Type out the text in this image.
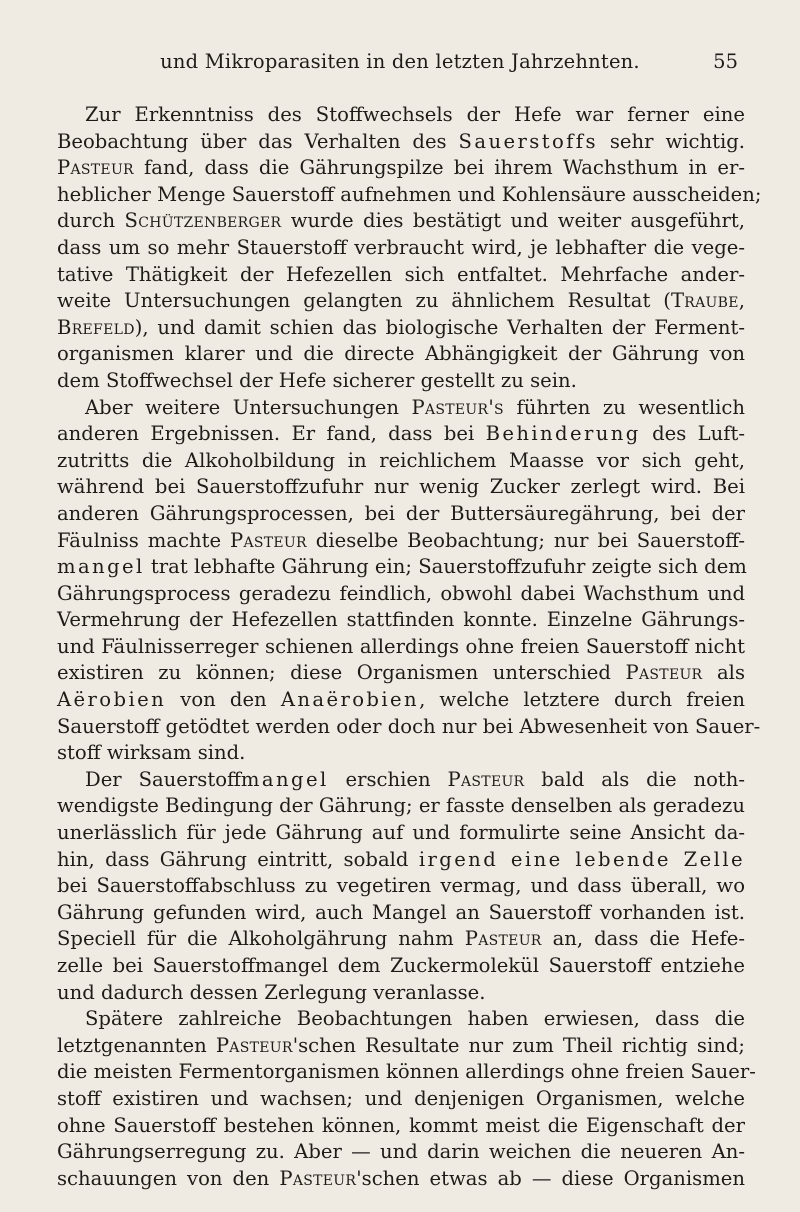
und Mikroparasiten in den letzten Jahrzehnten.	55
Zur Erkenntniss des Stoffwechsels der Hefe war ferner eine
Beobachtung über das Verhalten des Sauerstoffs sehr wichtig.
Pasteur fand, dass die Gährungspilze bei ihrem Wachsthum in er-
heblicher Menge Sauerstoff aufnehmen und Kohlensäure ausscheiden;
durch Schützenberger wurde dies bestätigt und weiter ausgeführt,
dass um so mehr Stauerstoff verbraucht wird, je lebhafter die vege-
tative Thätigkeit der Hefezellen sich entfaltet. Mehrfache ander-
weite Untersuchungen gelangten zu ähnlichem Resultat (Traube,
Brefeld), und damit schien das biologische Verhalten der Ferment-
organismen klarer und die directe Abhängigkeit der Gährung von
dem Stoffwechsel der Hefe sicherer gestellt zu sein.
Aber weitere Untersuchungen Pasteur's führten zu wesentlich
anderen Ergebnissen. Er fand, dass bei Behinderung des Luft-
zutritts die Alkoholbildung in reichlichem Maasse vor sich geht,
während bei Sauerstoffzufuhr nur wenig Zucker zerlegt wird. Bei
anderen Gährungsprocessen, bei der Buttersäuregährung, bei der
Fäulniss machte Pasteur dieselbe Beobachtung; nur bei Sauerstoff-
mangel trat lebhafte Gährung ein; Sauerstoffzufuhr zeigte sich dem
Gährungsprocess geradezu feindlich, obwohl dabei Wachsthum und
Vermehrung der Hefezellen stattfinden konnte. Einzelne Gährungs-
und Fäulnisserreger schienen allerdings ohne freien Sauerstoff nicht
existiren zu können; diese Organismen unterschied Pasteur als
Aërobien von den Anaërobien, welche letztere durch freien
Sauerstoff getödtet werden oder doch nur bei Abwesenheit von Sauer-
stoff wirksam sind.
Der Sauerstoffmangel erschien Pasteur bald als die noth-
wendigste Bedingung der Gährung; er fasste denselben als geradezu
unerlässlich für jede Gährung auf und formulirte seine Ansicht da-
hin, dass Gährung eintritt, sobald irgend eine lebende Zelle
bei Sauerstoffabschluss zu vegetiren vermag, und dass überall, wo
Gährung gefunden wird, auch Mangel an Sauerstoff vorhanden ist.
Speciell für die Alkoholgährung nahm Pasteur an, dass die Hefe-
zelle bei Sauerstoffmangel dem Zuckermolekül Sauerstoff entziehe
und dadurch dessen Zerlegung veranlasse.
Spätere zahlreiche Beobachtungen haben erwiesen, dass die
letztgenannten Pasteur'schen Resultate nur zum Theil richtig sind;
die meisten Fermentorganismen können allerdings ohne freien Sauer-
stoff existiren und wachsen; und denjenigen Organismen, welche
ohne Sauerstoff bestehen können, kommt meist die Eigenschaft der
Gährungserregung zu. Aber — und darin weichen die neueren An-
schauungen von den Pasteur'schen etwas ab — diese Organismen
